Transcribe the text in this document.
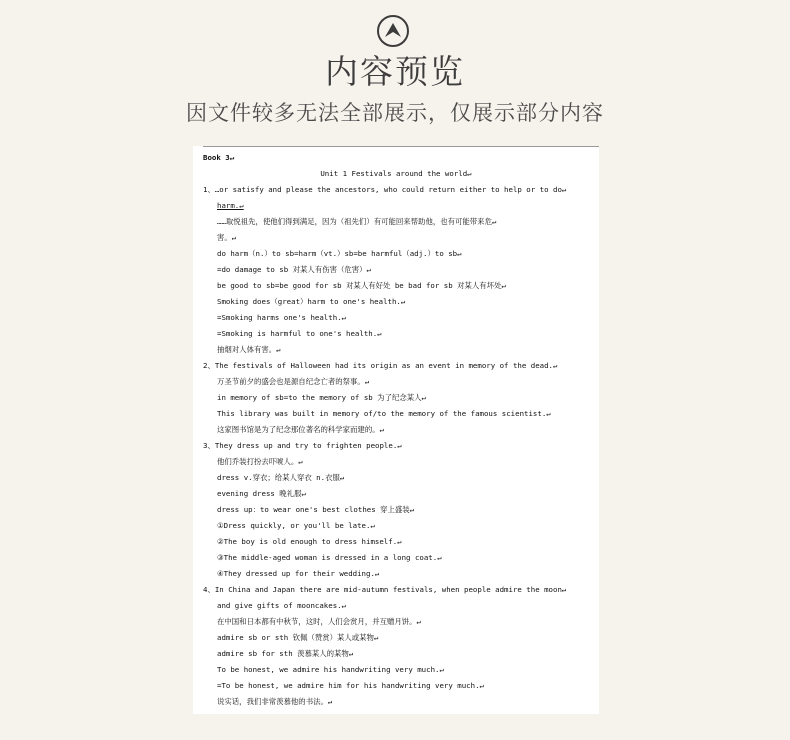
内容预览
因文件较多无法全部展示，仅展示部分内容
Book 3↵
Unit 1 Festivals around the world↵
1、…or satisfy and please the ancestors, who could return either to help or to do↵
harm.↵
……取悦祖先，使他们得到满足，因为（祖先们）有可能回来帮助他，也有可能带来危↵
害。↵
do harm（n.）to sb=harm（vt.）sb=be harmful（adj.）to sb↵
=do damage to sb 对某人有伤害（危害）↵
be good to sb=be good for sb 对某人有好处 be bad for sb 对某人有坏处↵
Smoking does（great）harm to one's health.↵
=Smoking harms one's health.↵
=Smoking is harmful to one's health.↵
抽烟对人体有害。↵
2、The festivals of Halloween had its origin as an event in memory of the dead.↵
万圣节前夕的盛会也是源自纪念亡者的祭事。↵
in memory of sb=to the memory of sb 为了纪念某人↵
This library was built in memory of/to the memory of the famous scientist.↵
这家图书馆是为了纪念那位著名的科学家而建的。↵
3、They dress up and try to frighten people.↵
他们乔装打扮去吓唬人。↵
dress v.穿衣；给某人穿衣 n.衣服↵
evening dress 晚礼服↵
dress up：to wear one's best clothes 穿上盛装↵
①Dress quickly, or you'll be late.↵
②The boy is old enough to dress himself.↵
③The middle-aged woman is dressed in a long coat.↵
④They dressed up for their wedding.↵
4、In China and Japan there are mid-autumn festivals, when people admire the moon↵
and give gifts of mooncakes.↵
在中国和日本都有中秋节，这时，人们会赏月，并互赠月饼。↵
admire sb or sth 钦佩（赞赏）某人或某物↵
admire sb for sth 羡慕某人的某物↵
To be honest, we admire his handwriting very much.↵
=To be honest, we admire him for his handwriting very much.↵
说实话，我们非常羡慕他的书法。↵
